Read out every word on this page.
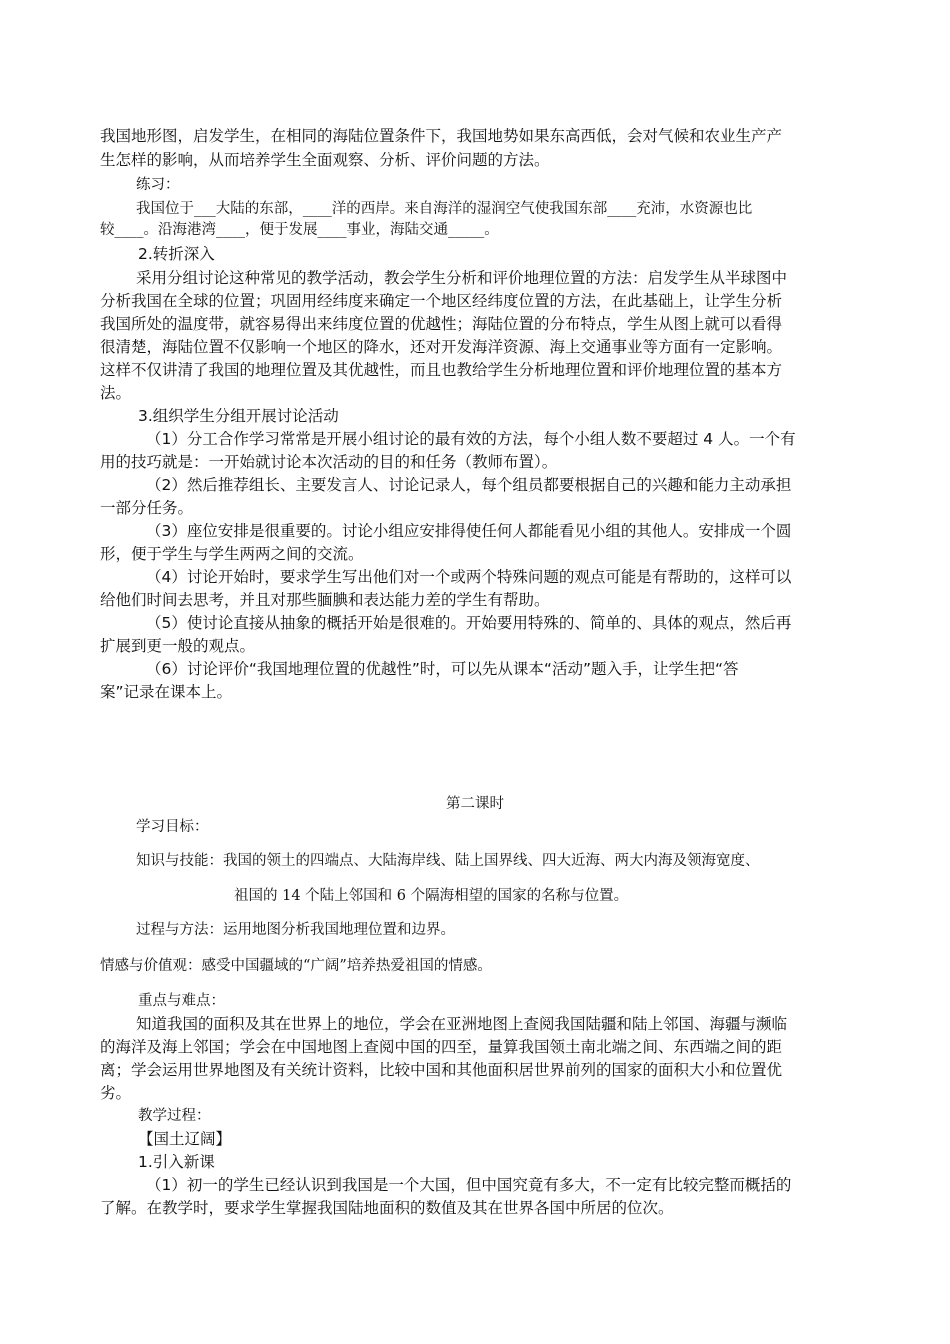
我国地形图，启发学生，在相同的海陆位置条件下，我国地势如果东高西低，会对气候和农业生产产
生怎样的影响，从而培养学生全面观察、分析、评价问题的方法。
练习：
我国位于___大陆的东部，____洋的西岸。来自海洋的湿润空气使我国东部____充沛，水资源也比
较____。沿海港湾____，便于发展____事业，海陆交通_____。
2.转折深入
采用分组讨论这种常见的教学活动，教会学生分析和评价地理位置的方法：启发学生从半球图中
分析我国在全球的位置；巩固用经纬度来确定一个地区经纬度位置的方法，在此基础上，让学生分析
我国所处的温度带，就容易得出来纬度位置的优越性；海陆位置的分布特点，学生从图上就可以看得
很清楚，海陆位置不仅影响一个地区的降水，还对开发海洋资源、海上交通事业等方面有一定影响。
这样不仅讲清了我国的地理位置及其优越性，而且也教给学生分析地理位置和评价地理位置的基本方
法。
3.组织学生分组开展讨论活动
（1）分工合作学习常常是开展小组讨论的最有效的方法，每个小组人数不要超过 4 人。一个有
用的技巧就是：一开始就讨论本次活动的目的和任务（教师布置）。
（2）然后推荐组长、主要发言人、讨论记录人，每个组员都要根据自己的兴趣和能力主动承担
一部分任务。
（3）座位安排是很重要的。讨论小组应安排得使任何人都能看见小组的其他人。安排成一个圆
形，便于学生与学生两两之间的交流。
（4）讨论开始时，要求学生写出他们对一个或两个特殊问题的观点可能是有帮助的，这样可以
给他们时间去思考，并且对那些腼腆和表达能力差的学生有帮助。
（5）使讨论直接从抽象的概括开始是很难的。开始要用特殊的、简单的、具体的观点，然后再
扩展到更一般的观点。
（6）讨论评价“我国地理位置的优越性”时，可以先从课本“活动”题入手，让学生把“答
案”记录在课本上。
第二课时
学习目标：
知识与技能：我国的领土的四端点、大陆海岸线、陆上国界线、四大近海、两大内海及领海宽度、
祖国的 14 个陆上邻国和 6 个隔海相望的国家的名称与位置。
过程与方法：运用地图分析我国地理位置和边界。
情感与价值观：感受中国疆域的“广阔”培养热爱祖国的情感。
重点与难点：
知道我国的面积及其在世界上的地位，学会在亚洲地图上查阅我国陆疆和陆上邻国、海疆与濒临
的海洋及海上邻国；学会在中国地图上查阅中国的四至，量算我国领土南北端之间、东西端之间的距
离；学会运用世界地图及有关统计资料，比较中国和其他面积居世界前列的国家的面积大小和位置优
劣。
教学过程：
【国土辽阔】
1.引入新课
（1）初一的学生已经认识到我国是一个大国，但中国究竟有多大，不一定有比较完整而概括的
了解。在教学时，要求学生掌握我国陆地面积的数值及其在世界各国中所居的位次。
